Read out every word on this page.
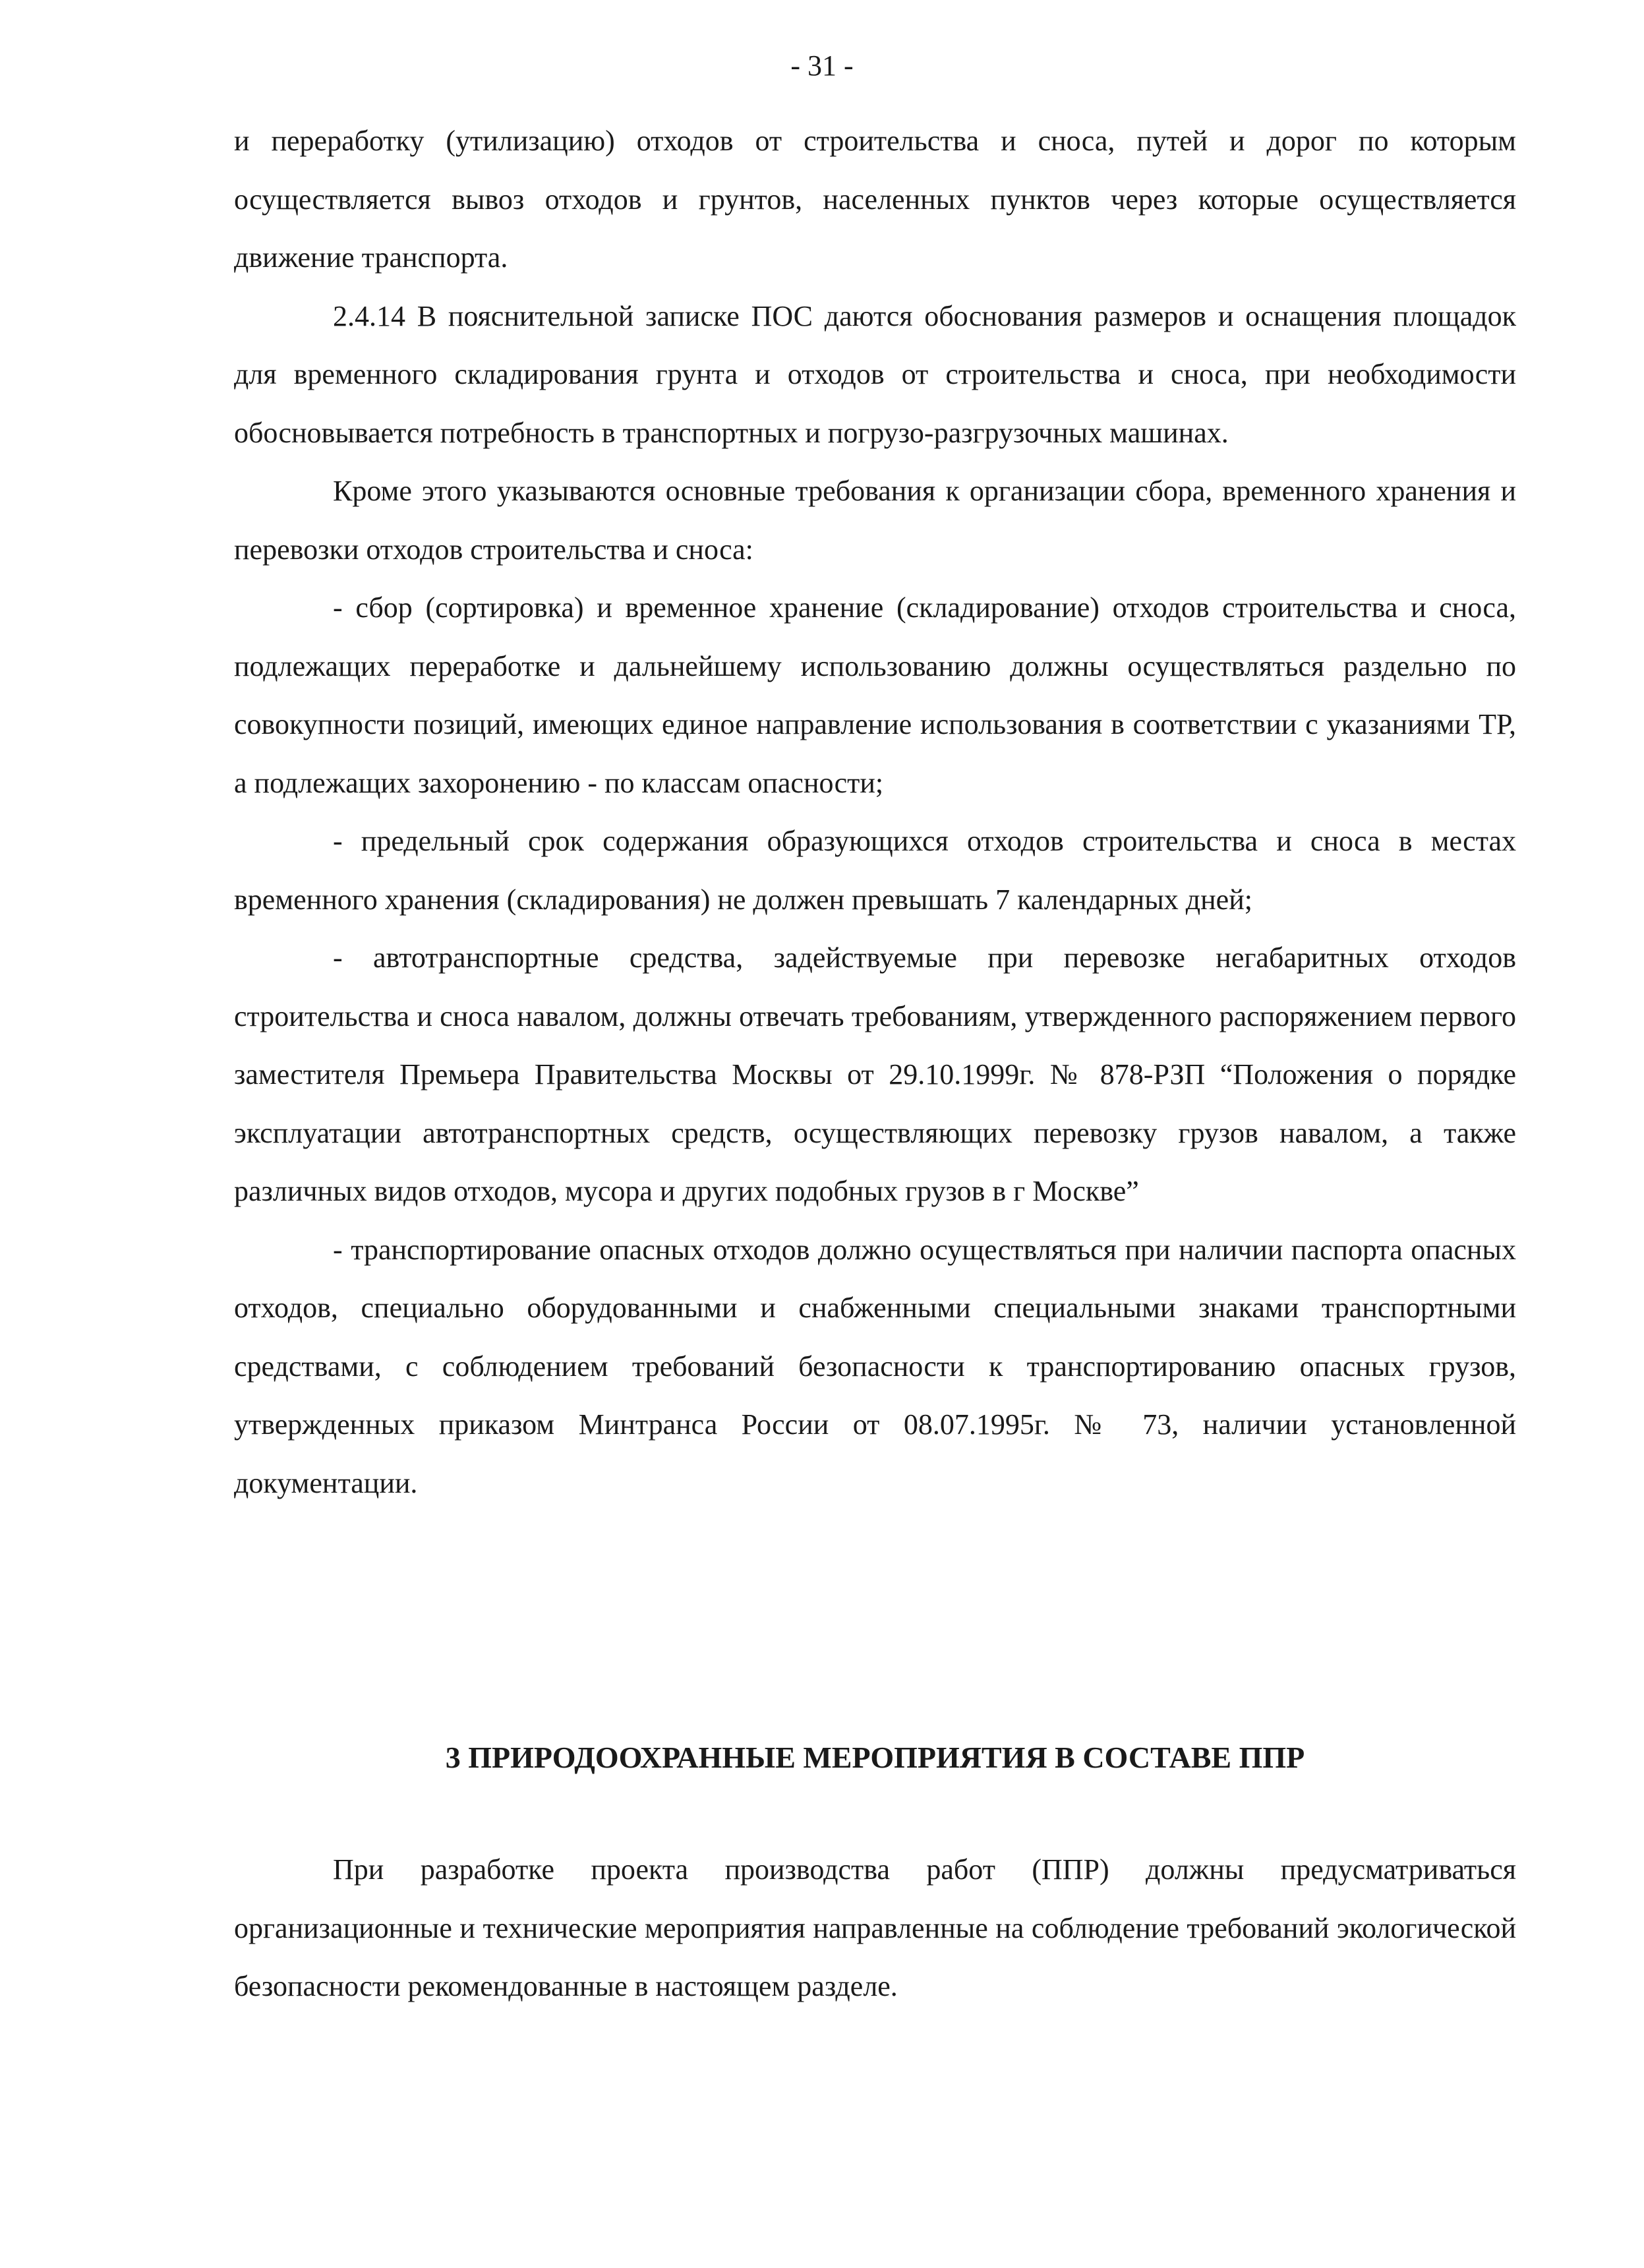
- 31 -

и переработку (утилизацию) отходов от строительства и сноса, путей и дорог по которым осуществляется вывоз отходов и грунтов, населенных пунктов через которые осуществляется движение транспорта.

2.4.14 В пояснительной записке ПОС даются обоснования размеров и оснащения площадок для временного складирования грунта и отходов от строительства и сноса, при необходимости обосновывается потребность в транспортных и погрузо-разгрузочных машинах.

Кроме этого указываются основные требования к организации сбора, временного хранения и перевозки отходов строительства и сноса:

- сбор (сортировка) и временное хранение (складирование) отходов строительства и сноса, подлежащих переработке и дальнейшему использованию должны осуществляться раздельно по совокупности позиций, имеющих единое направление использования в соответствии с указаниями ТР, а подлежащих захоронению - по классам опасности;

- предельный срок содержания образующихся отходов строительства и сноса в местах временного хранения (складирования) не должен превышать 7 календарных дней;

- автотранспортные средства, задействуемые при перевозке негабаритных отходов строительства и сноса навалом, должны отвечать требованиям, утвержденного распоряжением первого заместителя Премьера Правительства Москвы от 29.10.1999г. № 878-РЗП “Положения о порядке эксплуатации автотранспортных средств, осуществляющих перевозку грузов навалом, а также различных видов отходов, мусора и других подобных грузов в г Москве”

- транспортирование опасных отходов должно осуществляться при наличии паспорта опасных отходов, специально оборудованными и снабженными специальными знаками транспортными средствами, с соблюдением требований безопасности к транспортированию опасных грузов, утвержденных приказом Минтранса России от 08.07.1995г. № 73, наличии установленной документации.

3 ПРИРОДООХРАННЫЕ МЕРОПРИЯТИЯ В СОСТАВЕ ППР

При разработке проекта производства работ (ППР) должны предусматриваться организационные и технические мероприятия направленные на соблюдение требований экологической безопасности рекомендованные в настоящем разделе.
